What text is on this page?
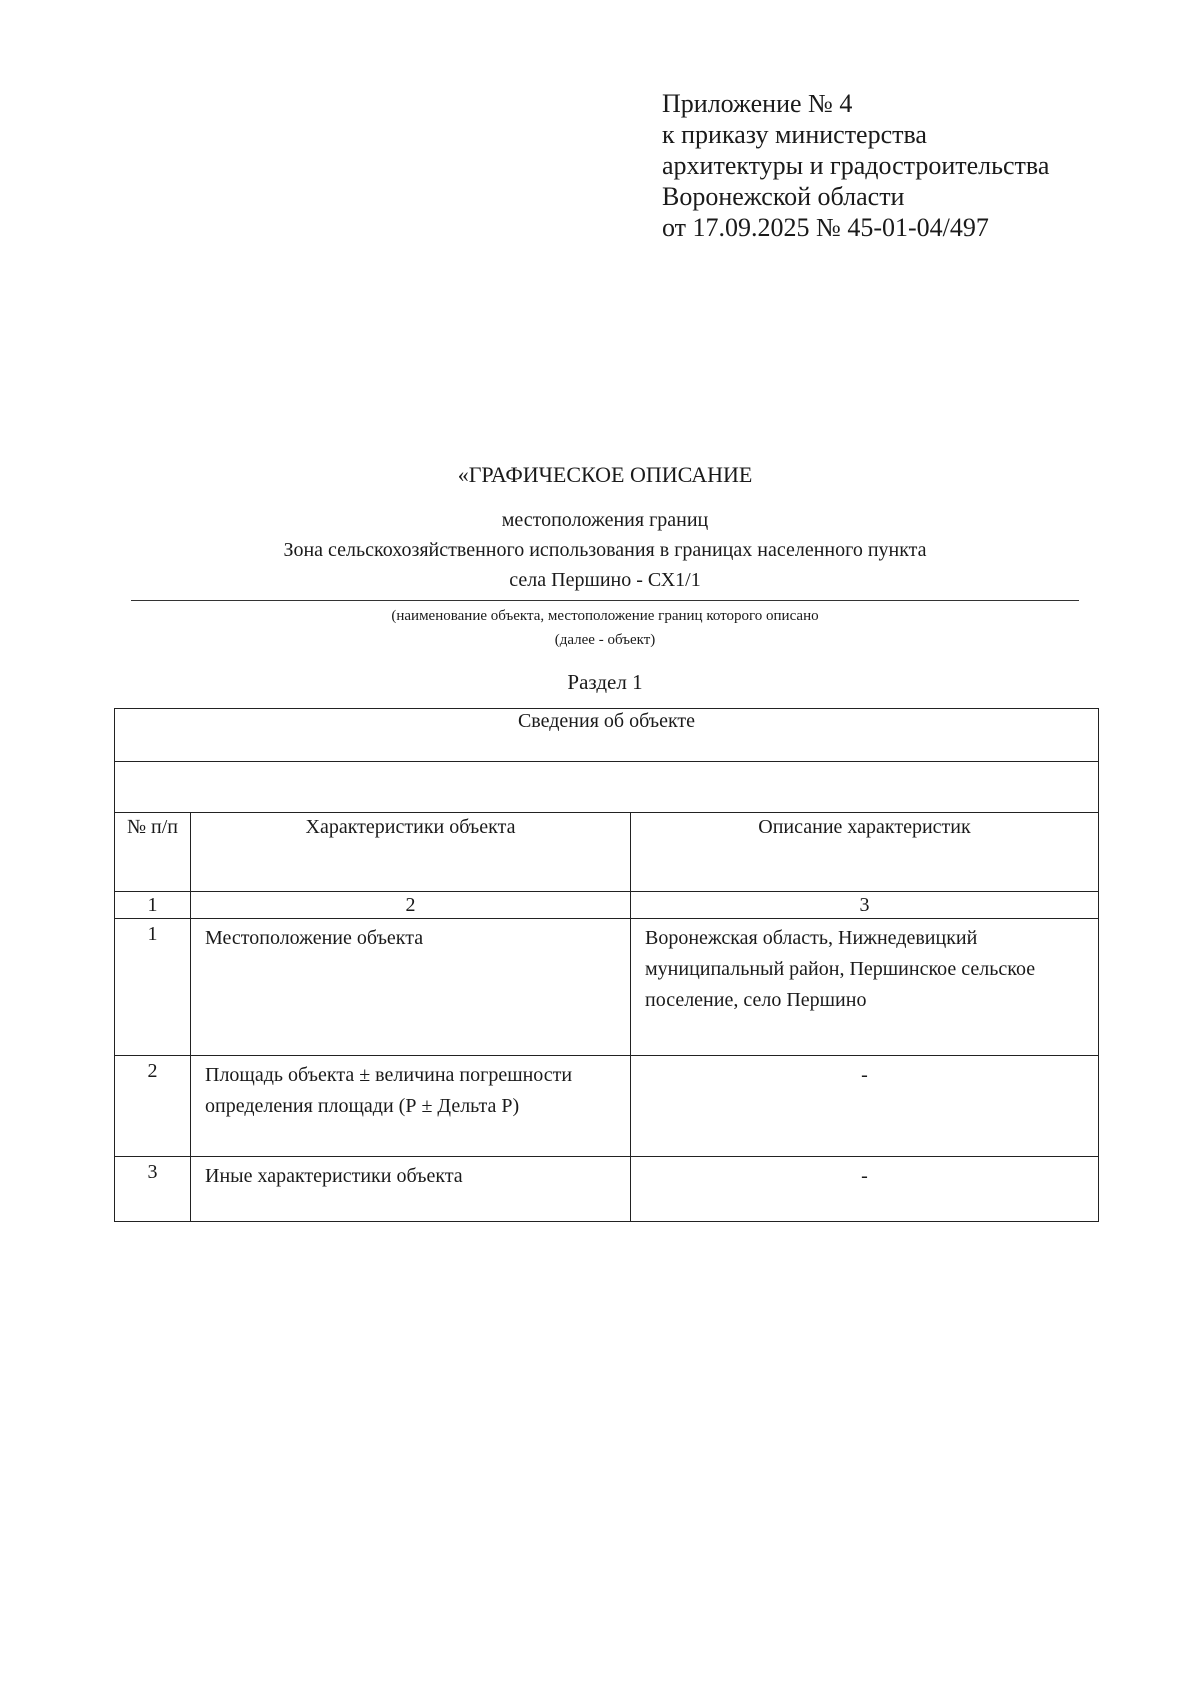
Приложение № 4
к приказу министерства
архитектуры и градостроительства
Воронежской области
от 17.09.2025 № 45-01-04/497
«ГРАФИЧЕСКОЕ ОПИСАНИЕ
местоположения границ
Зона сельскохозяйственного использования в границах населенного пункта
села Першино - СХ1/1
(наименование объекта, местоположение границ которого описано
(далее - объект)
Раздел 1
Сведения об объекте		

№ п/п	Характеристики объекта	Описание характеристик
1	2	3
1	Местоположение объекта	Воронежская область, Нижнедевицкий муниципальный район, Першинское сельское поселение, село Першино
2	Площадь объекта ± величина погрешности определения площади (Р ± Дельта Р)	-
3	Иные характеристики объекта	-
